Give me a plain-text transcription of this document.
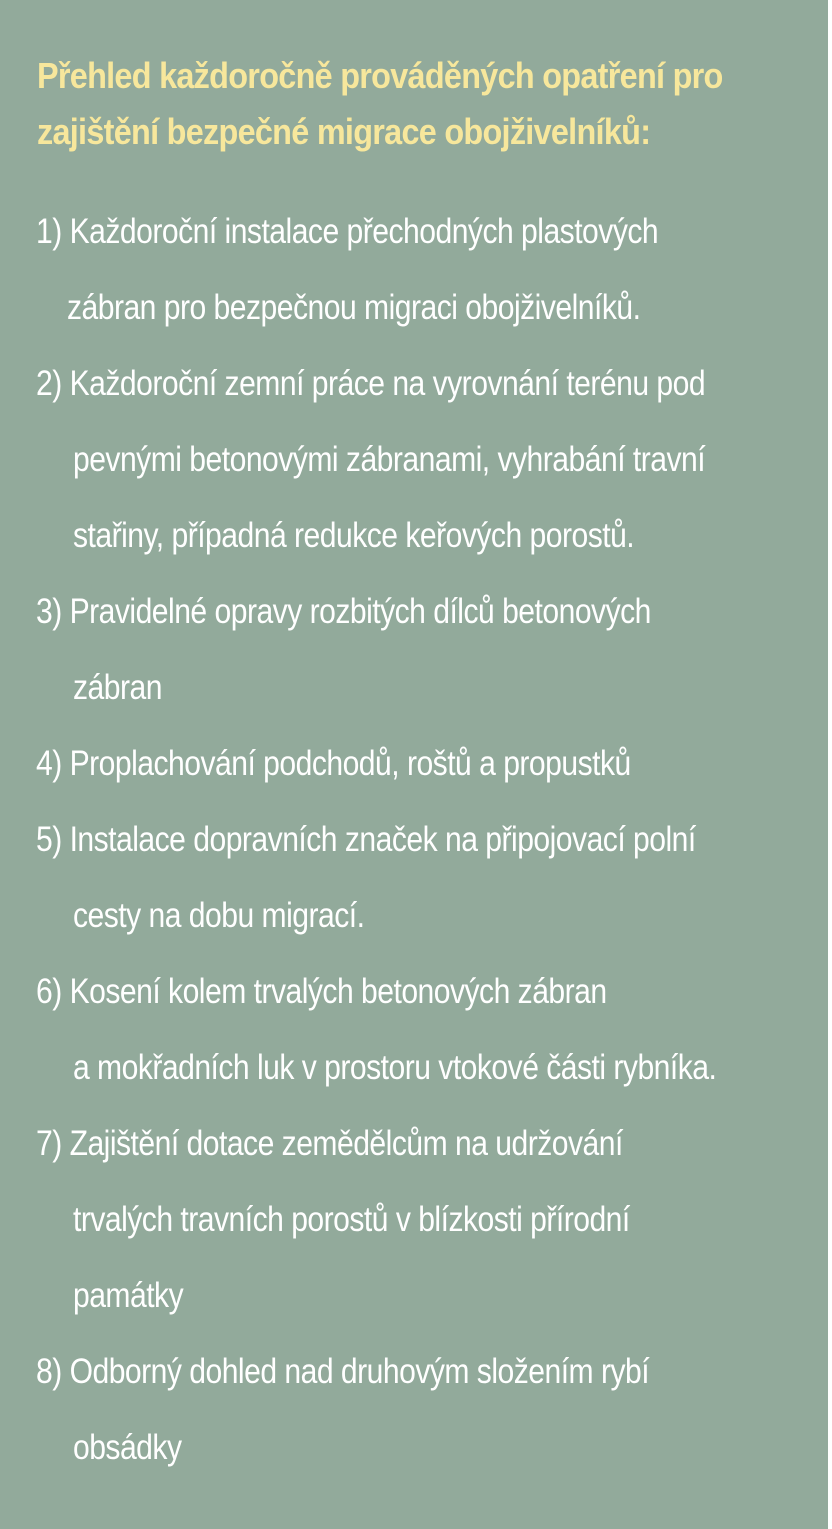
Přehled každoročně prováděných opatření pro
zajištění bezpečné migrace obojživelníků:
1) Každoroční instalace přechodných plastových
zábran pro bezpečnou migraci obojživelníků.
2) Každoroční zemní práce na vyrovnání terénu pod
pevnými betonovými zábranami, vyhrabání travní
stařiny, případná redukce keřových porostů.
3) Pravidelné opravy rozbitých dílců betonových
zábran
4) Proplachování podchodů, roštů a propustků
5) Instalace dopravních značek na připojovací polní
cesty na dobu migrací.
6) Kosení kolem trvalých betonových zábran
a mokřadních luk v prostoru vtokové části rybníka.
7) Zajištění dotace zemědělcům na udržování
trvalých travních porostů v blízkosti přírodní
památky
8) Odborný dohled nad druhovým složením rybí
obsádky
